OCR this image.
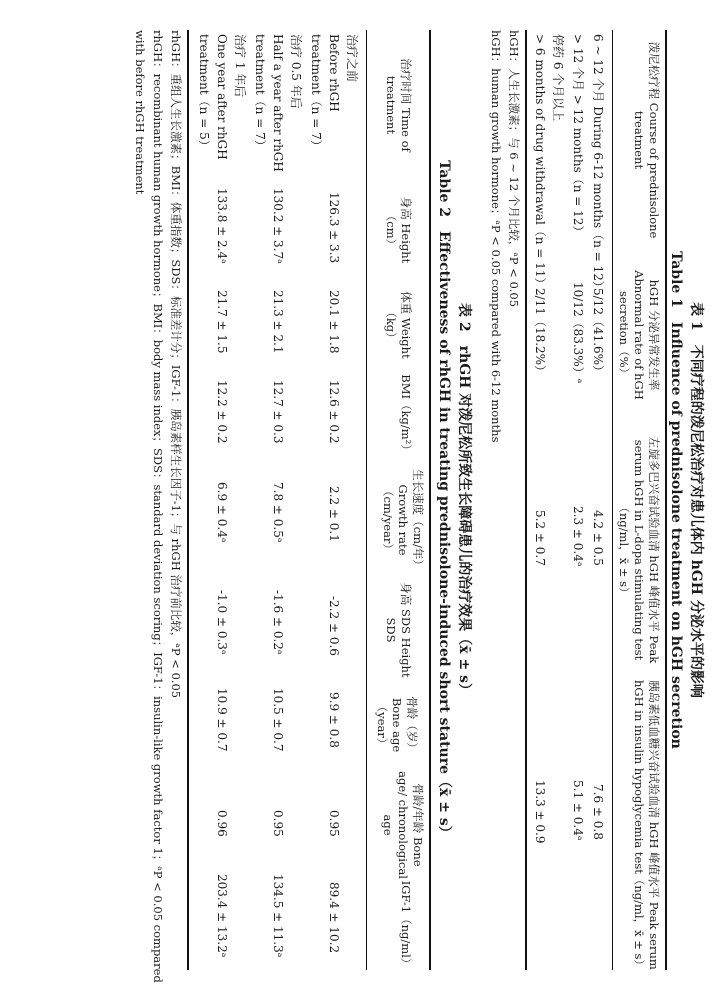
表 1　不同疗程的泼尼松治疗对患儿体内 hGH 分泌水平的影响
Table 1　Influence of prednisolone treatment on hGH secretion
泼尼松疗程 Course of prednisolone treatment
hGH 分泌异常发生率 Abnormal rate of hGH secretion（%）
左旋多巴兴奋试验血清 hGH 峰值水平 Peak serum hGH in L-dopa stimulating test（ng/ml，x̄ ± s）
胰岛素低血糖兴奋试验血清 hGH 峰值水平 Peak serum hGH in insulin hypoglycemia test（ng/ml，x̄ ± s）
6 ~ 12 个月 During 6-12 months（n = 12）
5/12（41.6%）
4.2 ± 0.5
7.6 ± 0.8
> 12 个月 > 12 months（n = 12）
10/12（83.3%）ᵃ
2.3 ± 0.4ᵃ
5.1 ± 0.4ᵃ
停药 6 个月以上
> 6 months of drug withdrawal（n = 11）
2/11（18.2%）
5.2 ± 0.7
13.3 ± 0.9
hGH：人生长激素；与 6 ~ 12 个月比较，ᵃP < 0.05
hGH：human growth hormone；ᵃP < 0.05 compared with 6-12 months
表 2　rhGH 对泼尼松所致生长障碍患儿的治疗效果（x̄ ± s）
Table 2　Effectiveness of rhGH in treating prednisolone-induced short stature（x̄ ± s）
治疗时间 Time of treatment
身高 Height（cm）
体重 Weight（kg）
BMI（kg/m²）
生长速度（cm/年） Growth rate（cm/year）
身高 SDS Height SDS
骨龄（岁） Bone age（year）
骨龄/年龄 Bone age/ chronological age
IGF-1（ng/ml）
治疗之前
Before rhGH
treatment（n = 7）
126.3 ± 3.3
20.1 ± 1.8
12.6 ± 0.2
2.2 ± 0.1
-2.2 ± 0.6
9.9 ± 0.8
0.95
89.4 ± 10.2
治疗 0.5 年后
Half a year after rhGH
treatment（n = 7）
130.2 ± 3.7ᵃ
21.3 ± 2.1
12.7 ± 0.3
7.8 ± 0.5ᵃ
-1.6 ± 0.2ᵃ
10.5 ± 0.7
0.95
134.5 ± 11.3ᵃ
治疗 1 年后
One year after rhGH
treatment（n = 5）
133.8 ± 2.4ᵃ
21.7 ± 1.5
12.2 ± 0.2
6.9 ± 0.4ᵃ
-1.0 ± 0.3ᵃ
10.9 ± 0.7
0.96
203.4 ± 13.2ᵃ
rhGH：重组人生长激素；BMI：体重指数；SDS：标准差计分；IGF-1：胰岛素样生长因子-1；与 rhGH 治疗前比较，ᵃP < 0.05
rhGH：recombinant human growth hormone；BMI：body mass index；SDS：standard deviation scoring；IGF-1：insulin-like growth factor 1；ᵃP < 0.05 compared
with before rhGH treatment
